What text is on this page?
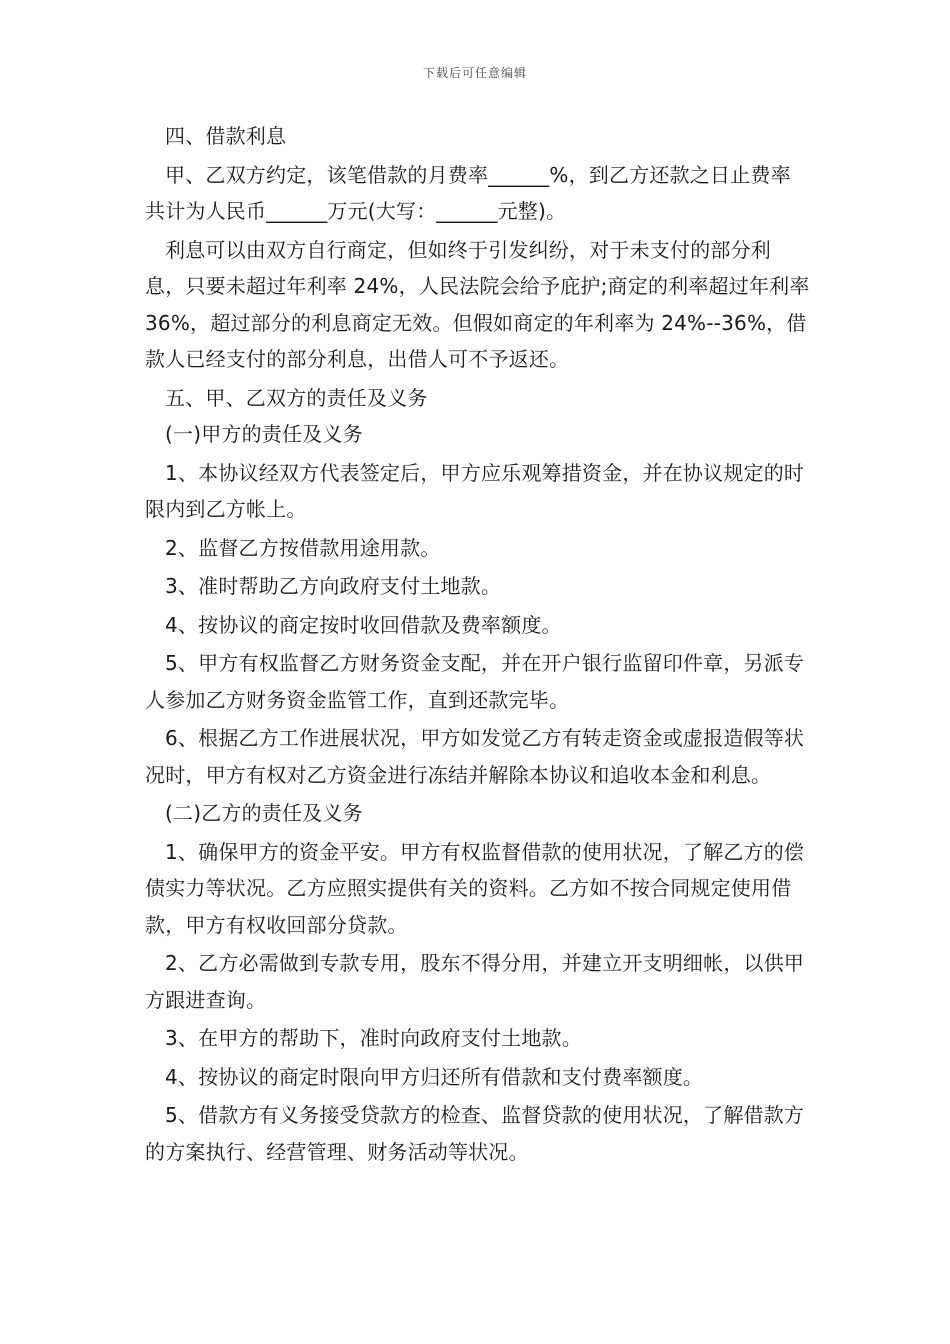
下载后可任意编辑

四、借款利息

甲、乙双方约定，该笔借款的月费率______%，到乙方还款之日止费率共计为人民币______万元(大写：______元整)。

利息可以由双方自行商定，但如终于引发纠纷，对于未支付的部分利息，只要未超过年利率 24%，人民法院会给予庇护;商定的利率超过年利率 36%，超过部分的利息商定无效。但假如商定的年利率为 24%--36%，借款人已经支付的部分利息，出借人可不予返还。

五、甲、乙双方的责任及义务

(一)甲方的责任及义务

1、本协议经双方代表签定后，甲方应乐观筹措资金，并在协议规定的时限内到乙方帐上。

2、监督乙方按借款用途用款。

3、准时帮助乙方向政府支付土地款。

4、按协议的商定按时收回借款及费率额度。

5、甲方有权监督乙方财务资金支配，并在开户银行监留印件章，另派专人参加乙方财务资金监管工作，直到还款完毕。

6、根据乙方工作进展状况，甲方如发觉乙方有转走资金或虚报造假等状况时，甲方有权对乙方资金进行冻结并解除本协议和追收本金和利息。

(二)乙方的责任及义务

1、确保甲方的资金平安。甲方有权监督借款的使用状况，了解乙方的偿债实力等状况。乙方应照实提供有关的资料。乙方如不按合同规定使用借款，甲方有权收回部分贷款。

2、乙方必需做到专款专用，股东不得分用，并建立开支明细帐，以供甲方跟进查询。

3、在甲方的帮助下，准时向政府支付土地款。

4、按协议的商定时限向甲方归还所有借款和支付费率额度。

5、借款方有义务接受贷款方的检查、监督贷款的使用状况，了解借款方的方案执行、经营管理、财务活动等状况。
